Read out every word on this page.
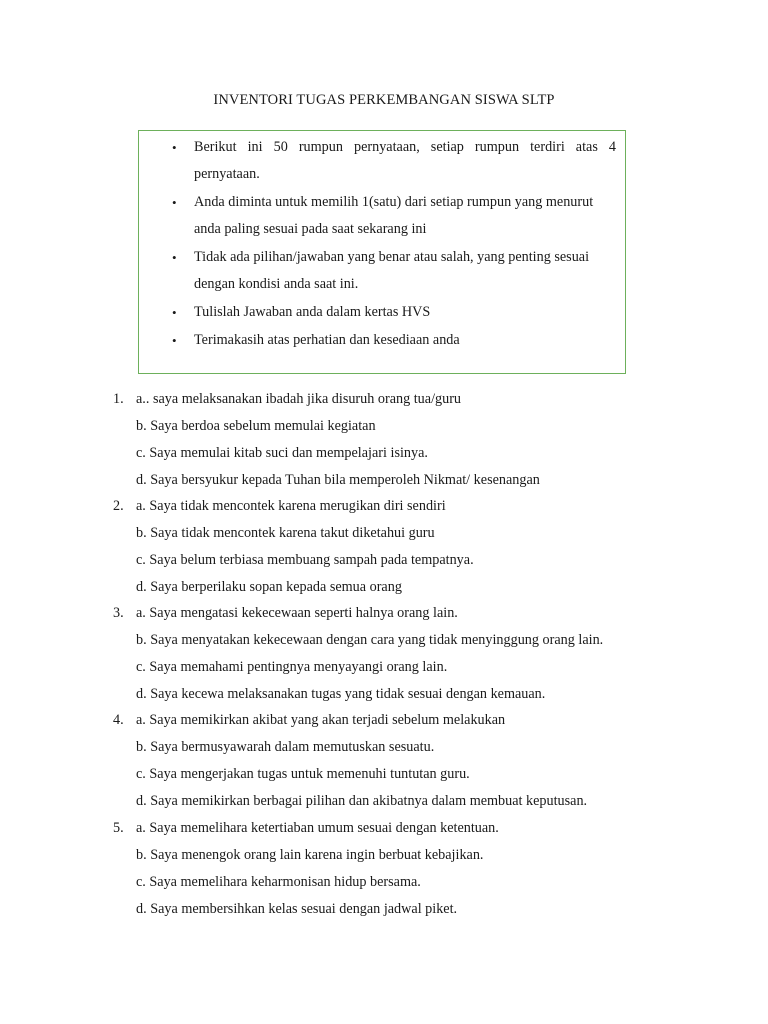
INVENTORI TUGAS PERKEMBANGAN SISWA SLTP
• Berikut ini 50 rumpun pernyataan, setiap rumpun terdiri atas 4 pernyataan.
• Anda diminta untuk memilih 1(satu) dari setiap rumpun yang menurut anda paling sesuai pada saat sekarang ini
• Tidak ada pilihan/jawaban yang benar atau salah, yang penting sesuai dengan kondisi anda saat ini.
• Tulislah Jawaban anda dalam kertas HVS
• Terimakasih atas perhatian dan kesediaan anda
1. a.. saya melaksanakan ibadah jika disuruh orang tua/guru
b. Saya berdoa sebelum memulai kegiatan
c. Saya memulai kitab suci dan mempelajari isinya.
d. Saya bersyukur kepada Tuhan bila memperoleh Nikmat/ kesenangan
2. a. Saya tidak mencontek karena merugikan diri sendiri
b. Saya tidak mencontek karena takut diketahui guru
c. Saya belum terbiasa membuang sampah pada tempatnya.
d. Saya berperilaku sopan kepada semua orang
3. a. Saya mengatasi kekecewaan seperti halnya orang lain.
b. Saya menyatakan kekecewaan dengan cara yang tidak menyinggung orang lain.
c. Saya memahami pentingnya menyayangi orang lain.
d. Saya kecewa melaksanakan tugas yang tidak sesuai dengan kemauan.
4. a. Saya memikirkan akibat yang akan terjadi sebelum melakukan
b. Saya bermusyawarah dalam memutuskan sesuatu.
c. Saya mengerjakan tugas untuk memenuhi tuntutan guru.
d. Saya memikirkan berbagai pilihan dan akibatnya dalam membuat keputusan.
5. a. Saya memelihara ketertiaban umum sesuai dengan ketentuan.
b. Saya menengok orang lain karena ingin berbuat kebajikan.
c. Saya memelihara keharmonisan hidup bersama.
d. Saya membersihkan kelas sesuai dengan jadwal piket.
